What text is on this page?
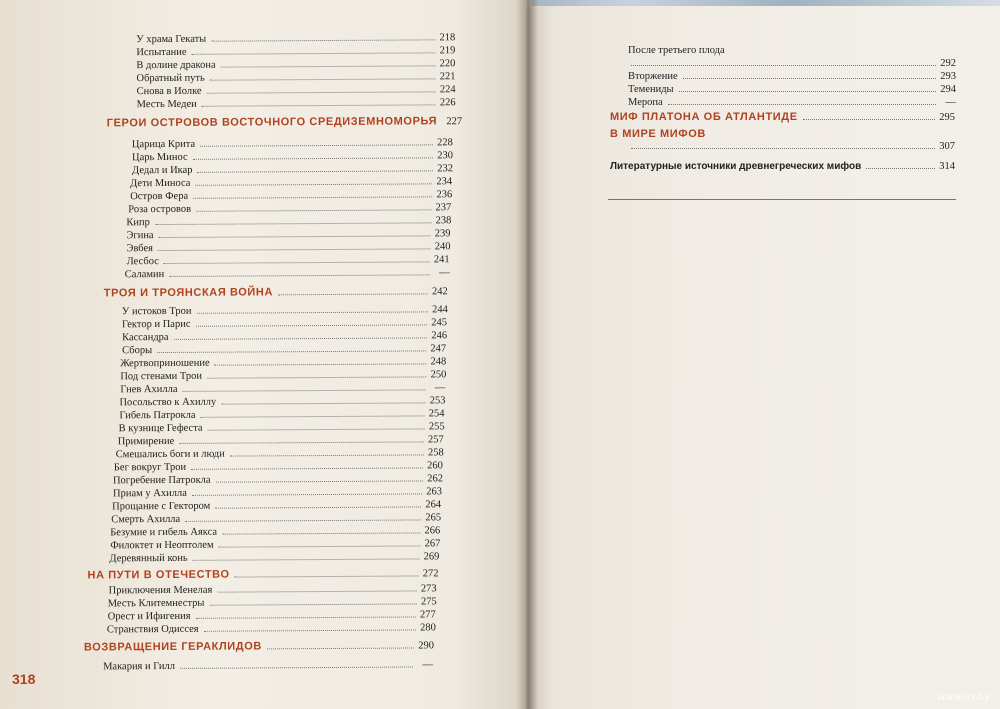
У храма Гекаты	218
Испытание	219
В долине дракона	220
Обратный путь	221
Снова в Иолке	224
Месть Медеи	226
ГЕРОИ ОСТРОВОВ ВОСТОЧНОГО СРЕДИЗЕМНОМОРЬЯ 227
Царица Крита	228
Царь Минос	230
Дедал и Икар	232
Дети Миноса	234
Остров Фера	236
Роза островов	237
Кипр	238
Эгина	239
Эвбея	240
Лесбос	241
Саламин	—
ТРОЯ И ТРОЯНСКАЯ ВОЙНА	242
У истоков Трои	244
Гектор и Парис	245
Кассандра	246
Сборы	247
Жертвоприношение	248
Под стенами Трои	250
Гнев Ахилла	—
Посольство к Ахиллу	253
Гибель Патрокла	254
В кузнице Гефеста	255
Примирение	257
Смешались боги и люди	258
Бег вокруг Трои	260
Погребение Патрокла	262
Приам у Ахилла	263
Прощание с Гектором	264
Смерть Ахилла	265
Безумие и гибель Аякса	266
Филоктет и Неоптолем	267
Деревянный конь	269
НА ПУТИ В ОТЕЧЕСТВО	272
Приключения Менелая	273
Месть Клитемнестры	275
Орест и Ифигения	277
Странствия Одиссея	280
ВОЗВРАЩЕНИЕ ГЕРАКЛИДОВ	290
Макария и Гилл	—
После третьего плода
292
Вторжение	293
Темениды	294
Меропа	—
МИФ ПЛАТОНА ОБ АТЛАНТИДЕ	295
В МИРЕ МИФОВ
307
Литературные источники древнегреческих мифов	314
318
www.ay.by
